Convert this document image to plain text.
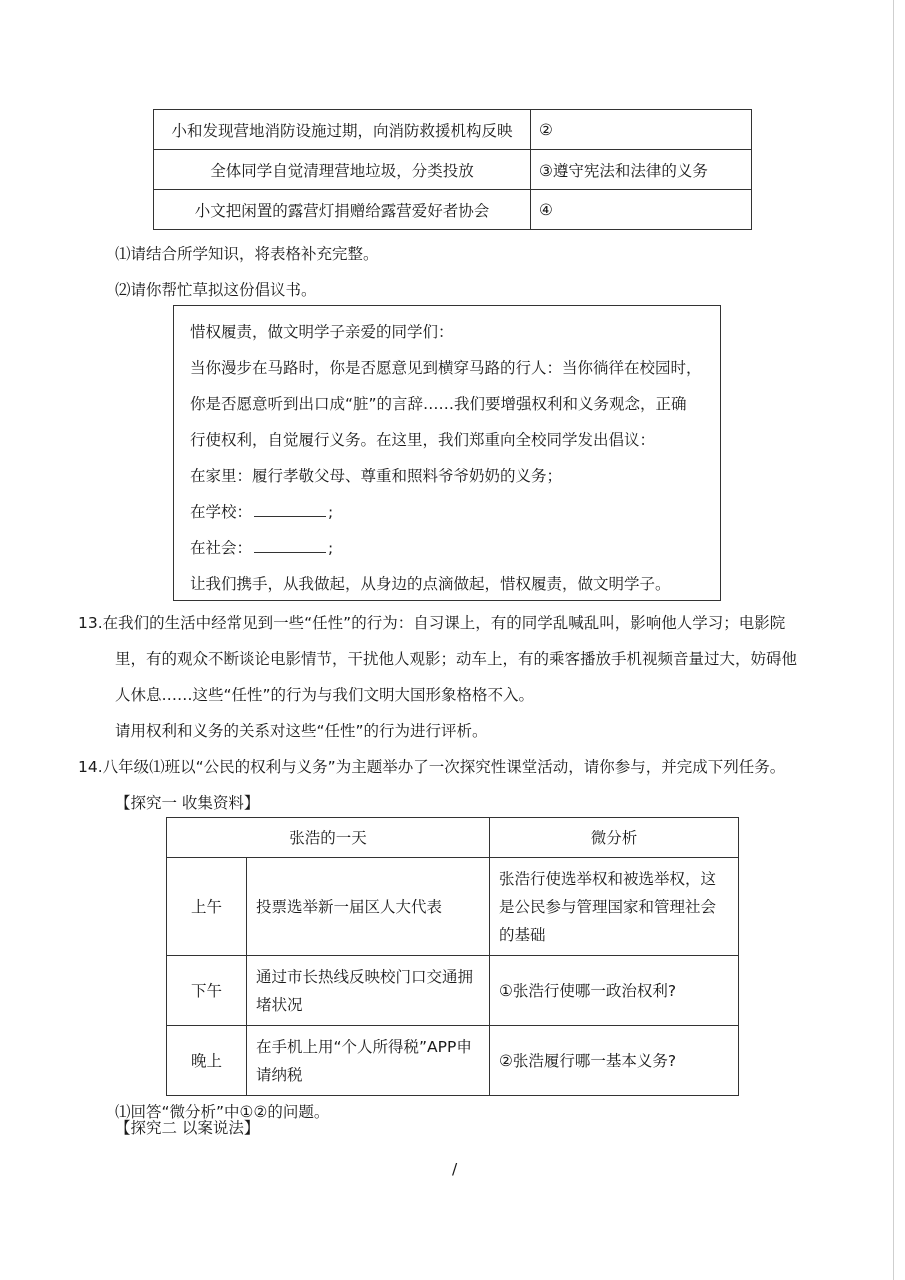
小和发现营地消防设施过期，向消防救援机构反映	②
全体同学自觉清理营地垃圾，分类投放	③遵守宪法和法律的义务
小文把闲置的露营灯捐赠给露营爱好者协会	④
⑴请结合所学知识，将表格补充完整。
⑵请你帮忙草拟这份倡议书。
惜权履责，做文明学子亲爱的同学们：
当你漫步在马路时，你是否愿意见到横穿马路的行人：当你徜徉在校园时，
你是否愿意听到出口成“脏”的言辞……我们要增强权利和义务观念，正确
行使权利，自觉履行义务。在这里，我们郑重向全校同学发出倡议：
在家里：履行孝敬父母、尊重和照料爷爷奶奶的义务；
在学校：	;
在社会：	;
让我们携手，从我做起，从身边的点滴做起，惜权履责，做文明学子。
13.在我们的生活中经常见到一些“任性”的行为：自习课上，有的同学乱喊乱叫，影响他人学习；电影院
里，有的观众不断谈论电影情节，干扰他人观影；动车上，有的乘客播放手机视频音量过大，妨碍他
人休息……这些“任性”的行为与我们文明大国形象格格不入。
请用权利和义务的关系对这些“任性”的行为进行评析。
14.八年级⑴班以“公民的权利与义务”为主题举办了一次探究性课堂活动，请你参与，并完成下列任务。
【探究一 收集资料】
张浩的一天		微分析
上午	投票选举新一届区人大代表	张浩行使选举权和被选举权，这是公民参与管理国家和管理社会的基础
下午	通过市长热线反映校门口交通拥堵状况	①张浩行使哪一政治权利?
晚上	在手机上用“个人所得税”APP申请纳税	②张浩履行哪一基本义务?
⑴回答“微分析”中①②的问题。
【探究二 以案说法】
/
